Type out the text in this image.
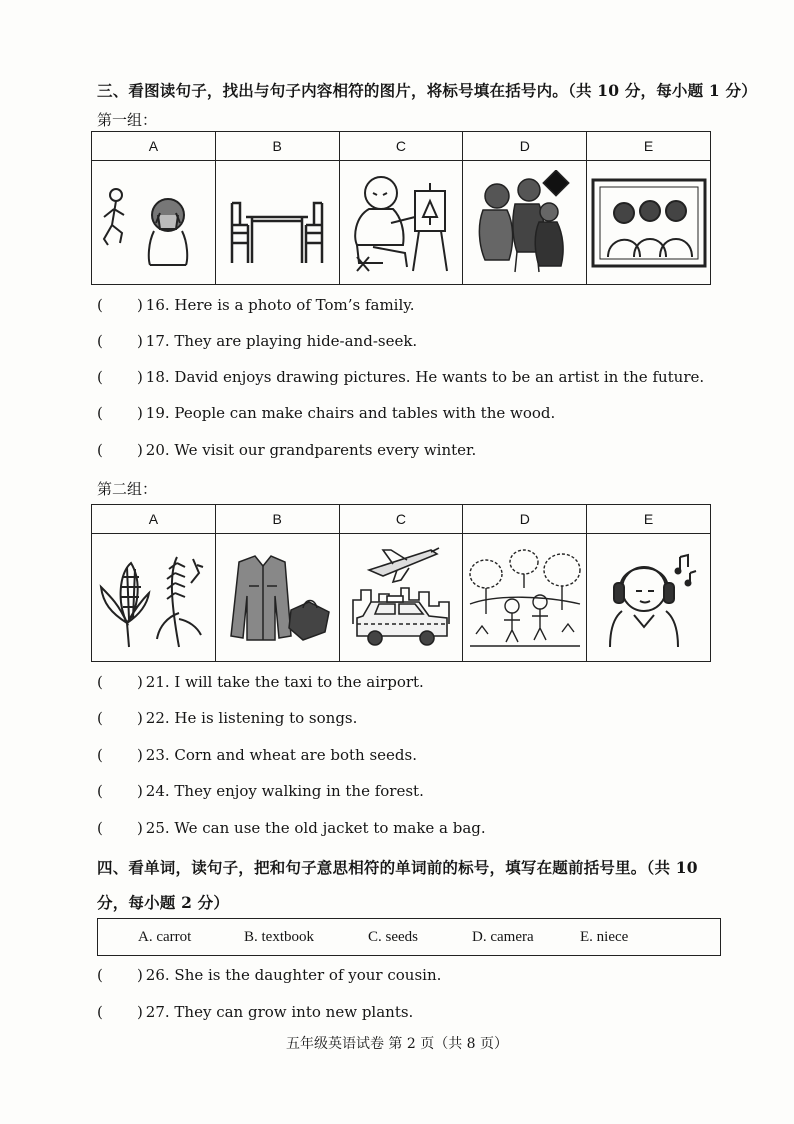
三、看图读句子，找出与句子内容相符的图片，将标号填在括号内。（共 10 分，每小题 1 分）
第一组：
A	B	C	D	E

( ) 16. Here is a photo of Tom’s family.
( ) 17. They are playing hide-and-seek.
( ) 18. David enjoys drawing pictures. He wants to be an artist in the future.
( ) 19. People can make chairs and tables with the wood.
( ) 20. We visit our grandparents every winter.
第二组：
A	B	C	D	E

( ) 21. I will take the taxi to the airport.
( ) 22. He is listening to songs.
( ) 23. Corn and wheat are both seeds.
( ) 24. They enjoy walking in the forest.
( ) 25. We can use the old jacket to make a bag.
四、看单词，读句子，把和句子意思相符的单词前的标号，填写在题前括号里。（共 10
分，每小题 2 分）
A. carrot	B. textbook	C. seeds	D. camera	E. niece
( ) 26. She is the daughter of your cousin.
( ) 27. They can grow into new plants.
五年级英语试卷 第 2 页（共 8 页）
